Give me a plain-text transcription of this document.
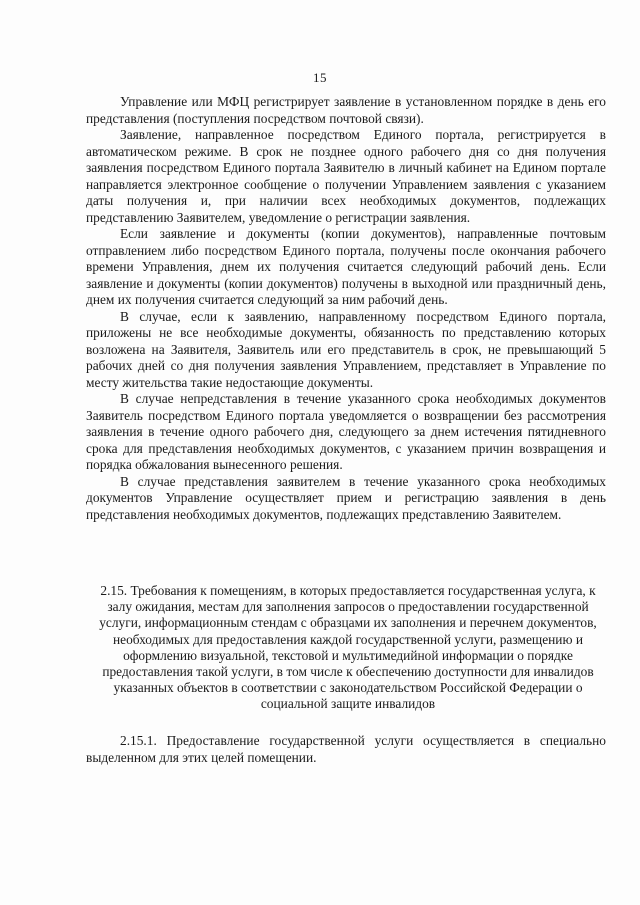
15

Управление или МФЦ регистрирует заявление в установленном порядке в день его представления (поступления посредством почтовой связи).

Заявление, направленное посредством Единого портала, регистрируется в автоматическом режиме. В срок не позднее одного рабочего дня со дня получения заявления посредством Единого портала Заявителю в личный кабинет на Едином портале направляется электронное сообщение о получении Управлением заявления с указанием даты получения и, при наличии всех необходимых документов, подлежащих представлению Заявителем, уведомление о регистрации заявления.

Если заявление и документы (копии документов), направленные почтовым отправлением либо посредством Единого портала, получены после окончания рабочего времени Управления, днем их получения считается следующий рабочий день. Если заявление и документы (копии документов) получены в выходной или праздничный день, днем их получения считается следующий за ним рабочий день.

В случае, если к заявлению, направленному посредством Единого портала, приложены не все необходимые документы, обязанность по представлению которых возложена на Заявителя, Заявитель или его представитель в срок, не превышающий 5 рабочих дней со дня получения заявления Управлением, представляет в Управление по месту жительства такие недостающие документы.

В случае непредставления в течение указанного срока необходимых документов Заявитель посредством Единого портала уведомляется о возвращении без рассмотрения заявления в течение одного рабочего дня, следующего за днем истечения пятидневного срока для представления необходимых документов, с указанием причин возвращения и порядка обжалования вынесенного решения.

В случае представления заявителем в течение указанного срока необходимых документов Управление осуществляет прием и регистрацию заявления в день представления необходимых документов, подлежащих представлению Заявителем.

2.15. Требования к помещениям, в которых предоставляется государственная услуга, к залу ожидания, местам для заполнения запросов о предоставлении государственной услуги, информационным стендам с образцами их заполнения и перечнем документов, необходимых для предоставления каждой государственной услуги, размещению и оформлению визуальной, текстовой и мультимедийной информации о порядке предоставления такой услуги, в том числе к обеспечению доступности для инвалидов указанных объектов в соответствии с законодательством Российской Федерации о социальной защите инвалидов

2.15.1. Предоставление государственной услуги осуществляется в специально выделенном для этих целей помещении.
